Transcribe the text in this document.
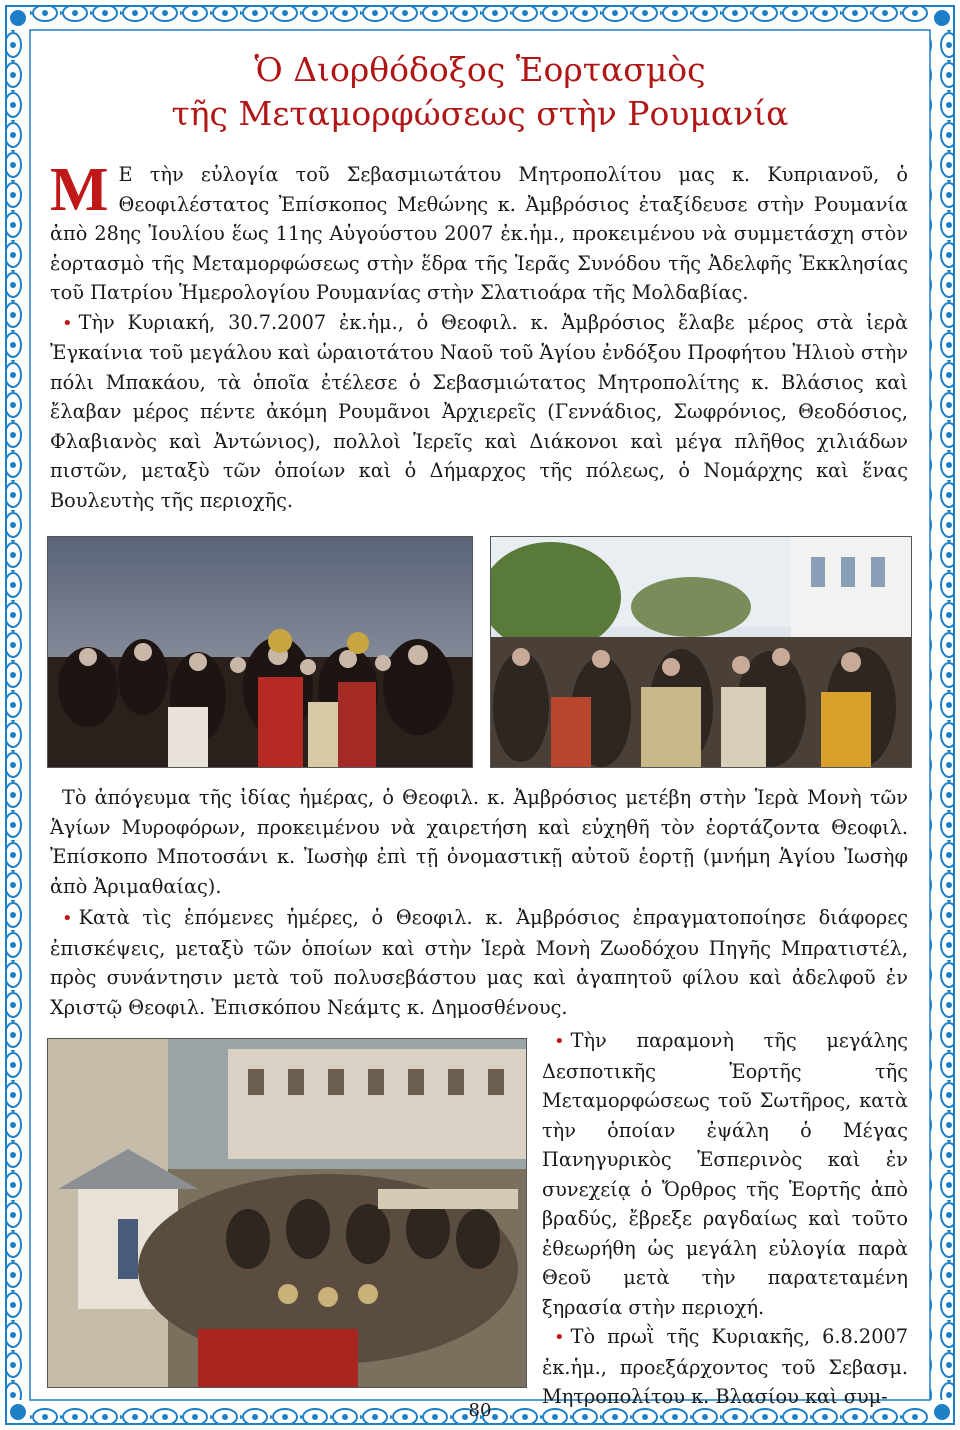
Ὁ Διορθόδοξος Ἑορτασμὸς
τῆς Μεταμορφώσεως στὴν Ρουμανία

Μ Ε τὴν εὐλογία τοῦ Σεβασμιωτάτου Μητροπολίτου μας κ. Κυπριανοῦ, ὁ Θεοφιλέστατος Ἐπίσκοπος Μεθώνης κ. Ἀμβρόσιος ἐταξίδευσε στὴν Ρουμανία ἀπὸ 28ης Ἰουλίου ἕως 11ης Αὐγούστου 2007 ἐκ.ἡμ., προκειμένου νὰ συμμετάσχη στὸν ἑορτασμὸ τῆς Μεταμορφώσεως στὴν ἕδρα τῆς Ἱερᾶς Συνόδου τῆς Ἀδελφῆς Ἐκκλησίας τοῦ Πατρίου Ἡμερολογίου Ρουμανίας στὴν Σλατιοάρα τῆς Μολδαβίας.

• Τὴν Κυριακή, 30.7.2007 ἐκ.ἡμ., ὁ Θεοφιλ. κ. Ἀμβρόσιος ἔλαβε μέρος στὰ ἱερὰ Ἐγκαίνια τοῦ μεγάλου καὶ ὡραιοτάτου Ναοῦ τοῦ Ἁγίου ἐνδόξου Προφήτου Ἠλιοὺ στὴν πόλι Μπακάου, τὰ ὁποῖα ἐτέλεσε ὁ Σεβασμιώτατος Μητροπολίτης κ. Βλάσιος καὶ ἔλαβαν μέρος πέντε ἀκόμη Ρουμᾶνοι Ἀρχιερεῖς (Γεννάδιος, Σωφρόνιος, Θεοδόσιος, Φλαβιανὸς καὶ Ἀντώνιος), πολλοὶ Ἱερεῖς καὶ Διάκονοι καὶ μέγα πλῆθος χιλιάδων πιστῶν, μεταξὺ τῶν ὁποίων καὶ ὁ Δήμαρχος τῆς πόλεως, ὁ Νομάρχης καὶ ἕνας Βουλευτὴς τῆς περιοχῆς.

Τὸ ἀπόγευμα τῆς ἰδίας ἡμέρας, ὁ Θεοφιλ. κ. Ἀμβρόσιος μετέβη στὴν Ἱερὰ Μονὴ τῶν Ἁγίων Μυροφόρων, προκειμένου νὰ χαιρετήση καὶ εὐχηθῆ τὸν ἑορτάζοντα Θεοφιλ. Ἐπίσκοπο Μποτοσάνι κ. Ἰωσὴφ ἐπὶ τῇ ὀνομαστικῇ αὐτοῦ ἑορτῇ (μνήμη Ἁγίου Ἰωσὴφ ἀπὸ Ἀριμαθαίας).

• Κατὰ τὶς ἑπόμενες ἡμέρες, ὁ Θεοφιλ. κ. Ἀμβρόσιος ἐπραγματοποίησε διάφορες ἐπισκέψεις, μεταξὺ τῶν ὁποίων καὶ στὴν Ἱερὰ Μονὴ Ζωοδόχου Πηγῆς Μπρατιστέλ, πρὸς συνάντησιν μετὰ τοῦ πολυσεβάστου μας καὶ ἀγαπητοῦ φίλου καὶ ἀδελφοῦ ἐν Χριστῷ Θεοφιλ. Ἐπισκόπου Νεάμτς κ. Δημοσθένους.

• Τὴν παραμονὴ τῆς μεγάλης Δεσποτικῆς Ἑορτῆς τῆς Μεταμορφώσεως τοῦ Σωτῆρος, κατὰ τὴν ὁποίαν ἐψάλη ὁ Μέγας Πανηγυρικὸς Ἑσπερινὸς καὶ ἐν συνεχείᾳ ὁ Ὄρθρος τῆς Ἑορτῆς ἀπὸ βραδύς, ἔβρεξε ραγδαίως καὶ τοῦτο ἐθεωρήθη ὡς μεγάλη εὐλογία παρὰ Θεοῦ μετὰ τὴν παρατεταμένη ξηρασία στὴν περιοχή.

• Τὸ πρωῒ τῆς Κυριακῆς, 6.8.2007 ἐκ.ἡμ., προεξάρχοντος τοῦ Σεβασμ. Μητροπολίτου κ. Βλασίου καὶ συμ-

80
